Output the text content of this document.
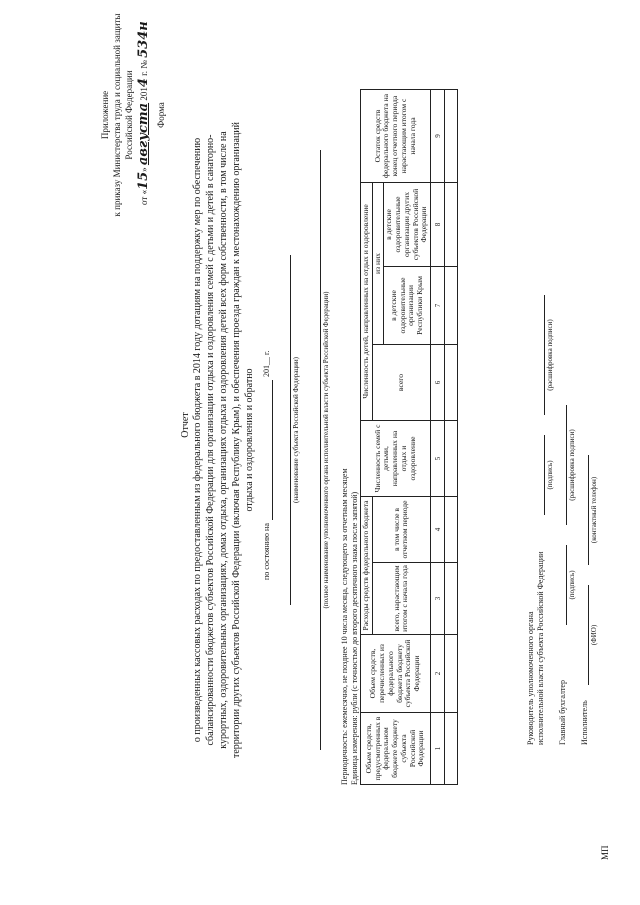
Приложение к приказу Министерства труда и социальной защиты Российской Федерации
от «15» августа 2014 г. № 534н
Форма
Отчет о произведенных кассовых расходах по предоставленным из федерального бюджета в 2014 году дотациям на поддержку мер по обеспечению сбалансированности бюджетов субъектов Российской Федерации для организации отдыха и оздоровления семей с детьми и детей в санаторно- курортных, оздоровительных организациях, домах отдыха, организациях отдыха и оздоровления детей всех форм собственности, в том числе на территории других субъектов Российской Федерации (включая Республику Крым), и обеспечения проезда граждан к местонахождению организаций отдыха и оздоровления и обратно
по состоянию на
201__ г.	(наименование субъекта Российской Федерации)	(полное наименование уполномоченного органа исполнительной власти субъекта Российской Федерации)
Периодичность: ежемесячно, не позднее 10 числа месяца, следующего за отчетным месяцем Единица измерения: рубли (с точностью до второго десятичного знака после запятой) Объем средств, предусмотренных в федеральном бюджете бюджету субъекта Российской Федерации	Объем средств, перечисленных из федерального бюджета бюджету субъекта Российской Федерации	Расходы средств федерального бюджета		Численность семей с детьми, направленных на отдых и оздоровление	Численность детей, направленных на отдых и оздоровление			Остаток средств федерального бюджета на конец отчетного периода нарастающим итогом с начала года
		всего, нарастающим итогом с начала года	в том числе в отчетном периоде		всего	из них		
						в детские оздоровительные организации Республики Крым	в детские оздоровительные организации других субъектов Российской Федерации	
1	2	3	4	5	6	7	8	9

Руководитель уполномоченного органа исполнительной власти субъекта Российской Федерации
(подпись)
(расшифровка подписи)
Главный бухгалтер
(подпись)
(расшифровка подписи)
Исполнитель
(ФИО)
(контактный телефон)
МП
